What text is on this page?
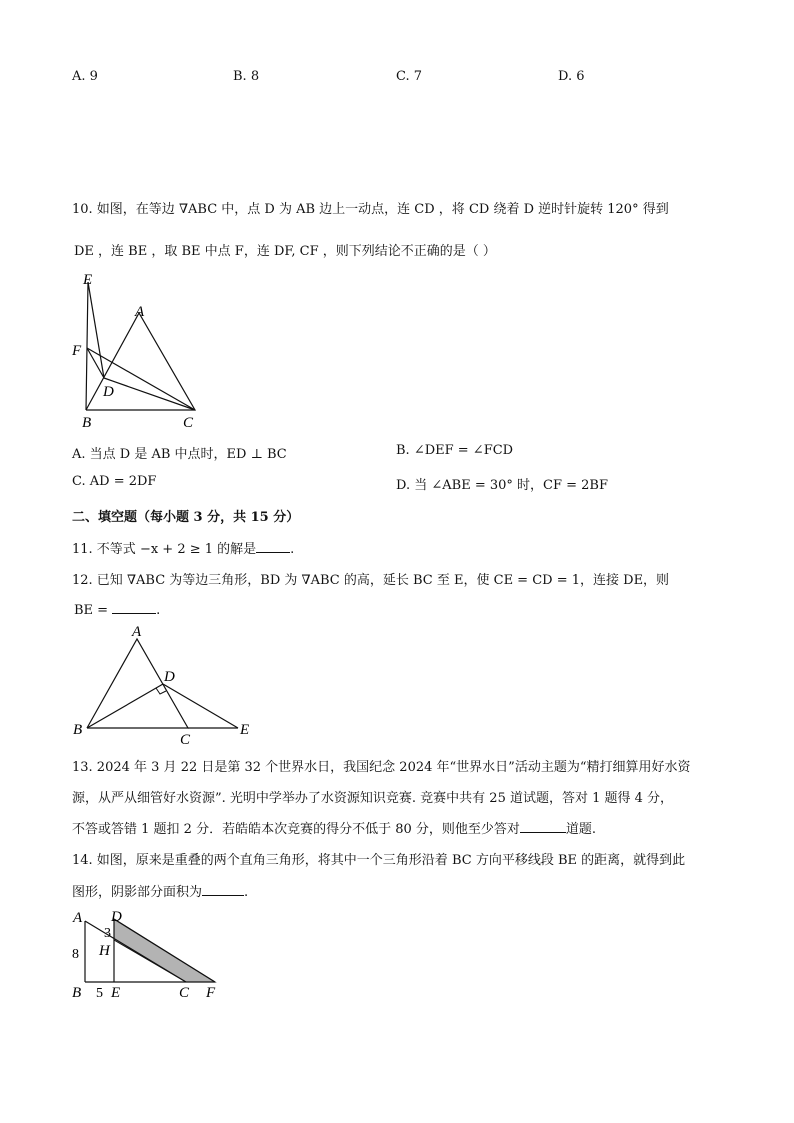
A. 9	B. 8	C. 7	D. 6
10. 如图，在等边 ∇ABC 中，点 D 为 AB 边上一动点，连 CD ，将 CD 绕着 D 逆时针旋转 120° 得到
DE ，连 BE ，取 BE 中点 F，连 DF, CF ，则下列结论不正确的是（ ）
E
A
F
D
B	C
A. 当点 D 是 AB 中点时，ED ⊥ BC	B. ∠DEF = ∠FCD
C. AD = 2DF	D. 当 ∠ABE = 30° 时，CF = 2BF
二、填空题（每小题 3 分，共 15 分）
11. 不等式 −x + 2 ≥ 1 的解是	.
12. 已知 ∇ABC 为等边三角形，BD 为 ∇ABC 的高，延长 BC 至 E，使 CE = CD = 1，连接 DE，则
BE =	.
A
D
B
C
E
13. 2024 年 3 月 22 日是第 32 个世界水日，我国纪念 2024 年“世界水日”活动主题为“精打细算用好水资
源，从严从细管好水资源”. 光明中学举办了水资源知识竞赛. 竞赛中共有 25 道试题，答对 1 题得 4 分，
不答或答错 1 题扣 2 分．若皓皓本次竞赛的得分不低于 80 分，则他至少答对	道题.
14. 如图，原来是重叠的两个直角三角形，将其中一个三角形沿着 BC 方向平移线段 BE 的距离，就得到此
图形，阴影部分面积为	.
A D
3
8 H
B 5 E	C F
